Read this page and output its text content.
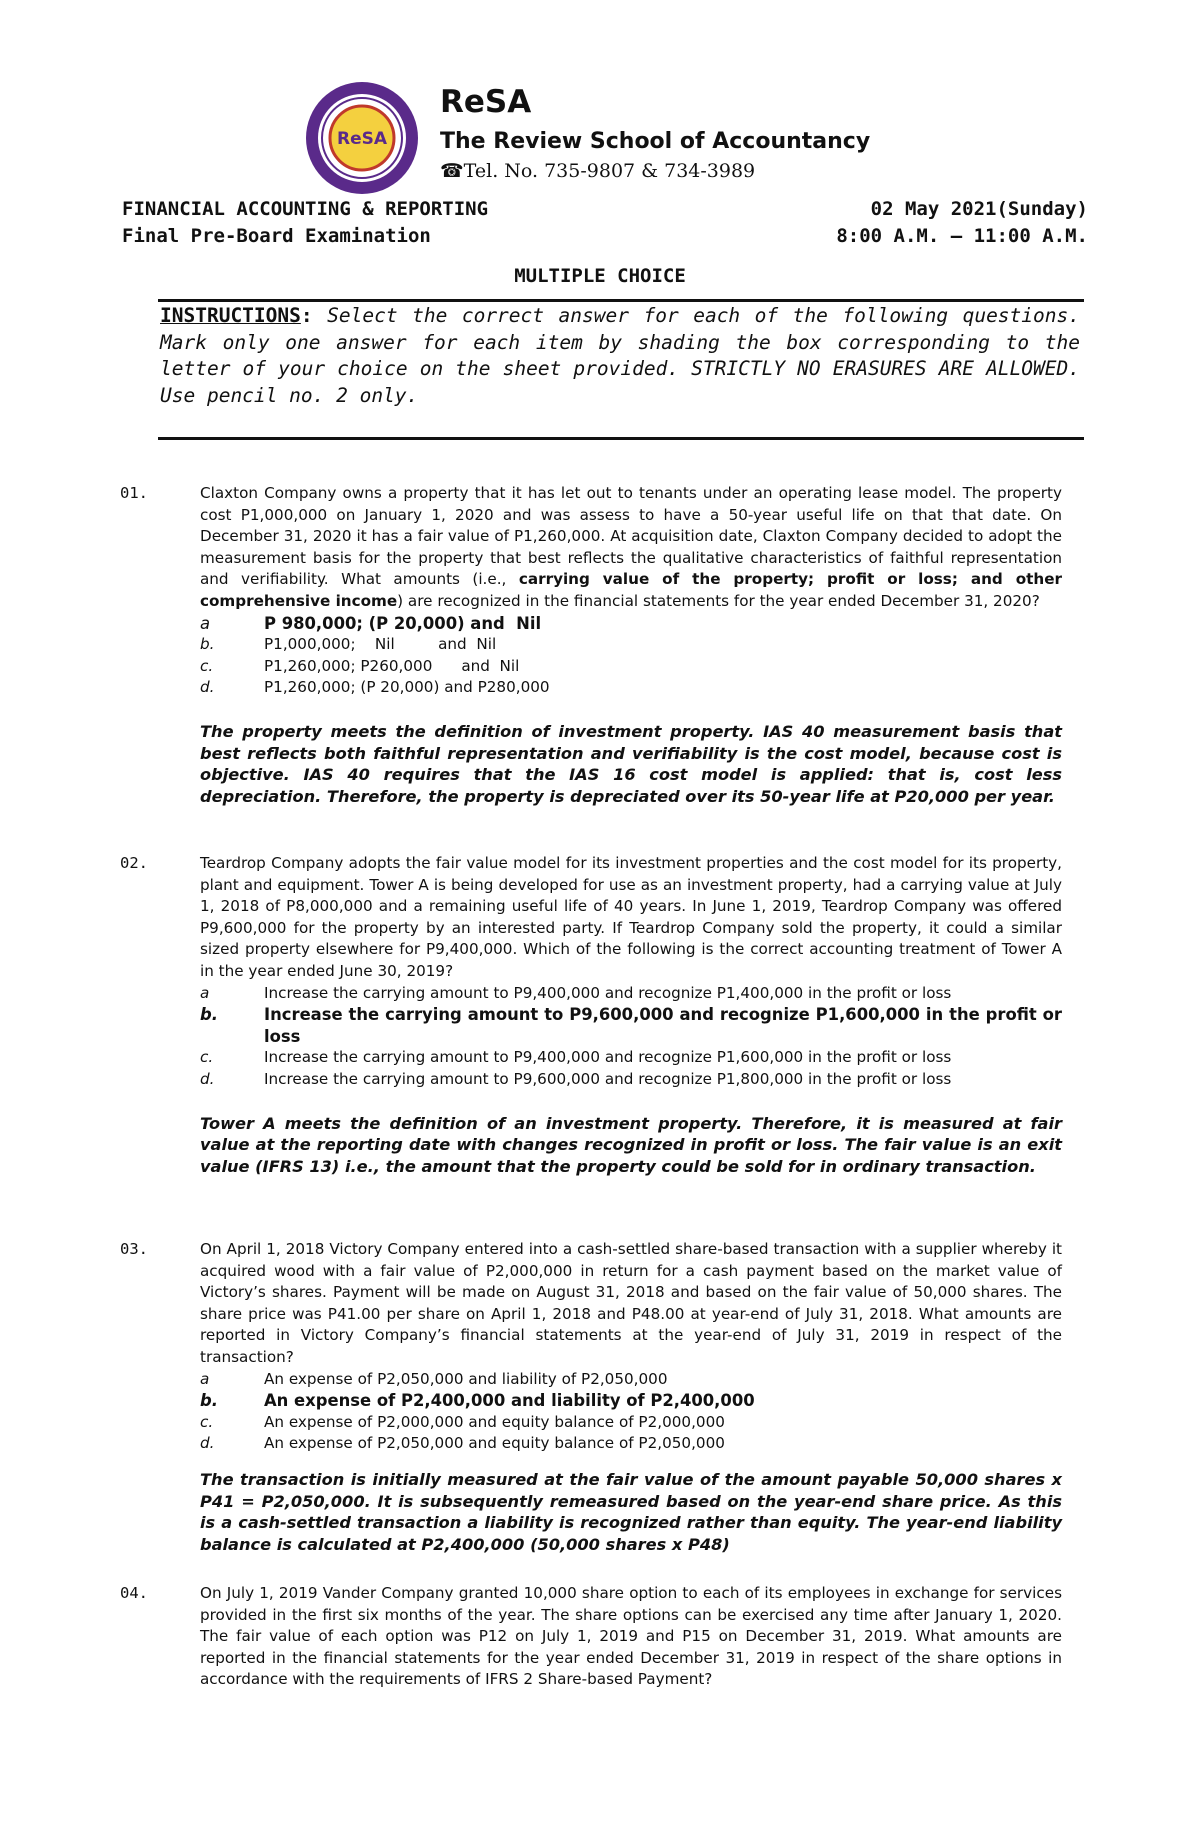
ReSA
ReSA
The Review School of Accountancy
☎Tel. No. 735-9807 & 734-3989
FINANCIAL ACCOUNTING & REPORTING
Final Pre-Board Examination
02 May 2021(Sunday)
8:00 A.M. – 11:00 A.M.
MULTIPLE CHOICE
INSTRUCTIONS: Select the correct answer for each of the following questions. Mark only one answer for each item by shading the box corresponding to the letter of your choice on the sheet provided. STRICTLY NO ERASURES ARE ALLOWED. Use pencil no. 2 only.
01.	Claxton Company owns a property that it has let out to tenants under an operating lease model. The property cost P1,000,000 on January 1, 2020 and was assess to have a 50-year useful life on that that date. On December 31, 2020 it has a fair value of P1,260,000. At acquisition date, Claxton Company decided to adopt the measurement basis for the property that best reflects the qualitative characteristics of faithful representation and verifiability. What amounts (i.e., carrying value of the property; profit or loss; and other comprehensive income) are recognized in the financial statements for the year ended December 31, 2020?
a	P 980,000; (P 20,000) and  Nil
b.	P1,000,000;    Nil         and  Nil
c.	P1,260,000; P260,000      and  Nil
d.	P1,260,000; (P 20,000) and P280,000
The property meets the definition of investment property. IAS 40 measurement basis that best reflects both faithful representation and verifiability is the cost model, because cost is objective. IAS 40 requires that the IAS 16 cost model is applied: that is, cost less depreciation. Therefore, the property is depreciated over its 50-year life at P20,000 per year.
02.	Teardrop Company adopts the fair value model for its investment properties and the cost model for its property, plant and equipment. Tower A is being developed for use as an investment property, had a carrying value at July 1, 2018 of P8,000,000 and a remaining useful life of 40 years. In June 1, 2019, Teardrop Company was offered P9,600,000 for the property by an interested party. If Teardrop Company sold the property, it could a similar sized property elsewhere for P9,400,000. Which of the following is the correct accounting treatment of Tower A in the year ended June 30, 2019?
a	Increase the carrying amount to P9,400,000 and recognize P1,400,000 in the profit or loss
b.	Increase the carrying amount to P9,600,000 and recognize P1,600,000 in the profit or loss
c.	Increase the carrying amount to P9,400,000 and recognize P1,600,000 in the profit or loss
d.	Increase the carrying amount to P9,600,000 and recognize P1,800,000 in the profit or loss
Tower A meets the definition of an investment property. Therefore, it is measured at fair value at the reporting date with changes recognized in profit or loss. The fair value is an exit value (IFRS 13) i.e., the amount that the property could be sold for in ordinary transaction.
03.	On April 1, 2018 Victory Company entered into a cash-settled share-based transaction with a supplier whereby it acquired wood with a fair value of P2,000,000 in return for a cash payment based on the market value of Victory’s shares. Payment will be made on August 31, 2018 and based on the fair value of 50,000 shares. The share price was P41.00 per share on April 1, 2018 and P48.00 at year-end of July 31, 2018. What amounts are reported in Victory Company’s financial statements at the year-end of July 31, 2019 in respect of the transaction?
a	An expense of P2,050,000 and liability of P2,050,000
b.	An expense of P2,400,000 and liability of P2,400,000
c.	An expense of P2,000,000 and equity balance of P2,000,000
d.	An expense of P2,050,000 and equity balance of P2,050,000
The transaction is initially measured at the fair value of the amount payable 50,000 shares x P41 = P2,050,000. It is subsequently remeasured based on the year-end share price. As this is a cash-settled transaction a liability is recognized rather than equity. The year-end liability balance is calculated at P2,400,000 (50,000 shares x P48)
04.	On July 1, 2019 Vander Company granted 10,000 share option to each of its employees in exchange for services provided in the first six months of the year. The share options can be exercised any time after January 1, 2020. The fair value of each option was P12 on July 1, 2019 and P15 on December 31, 2019. What amounts are reported in the financial statements for the year ended December 31, 2019 in respect of the share options in accordance with the requirements of IFRS 2 Share-based Payment?
